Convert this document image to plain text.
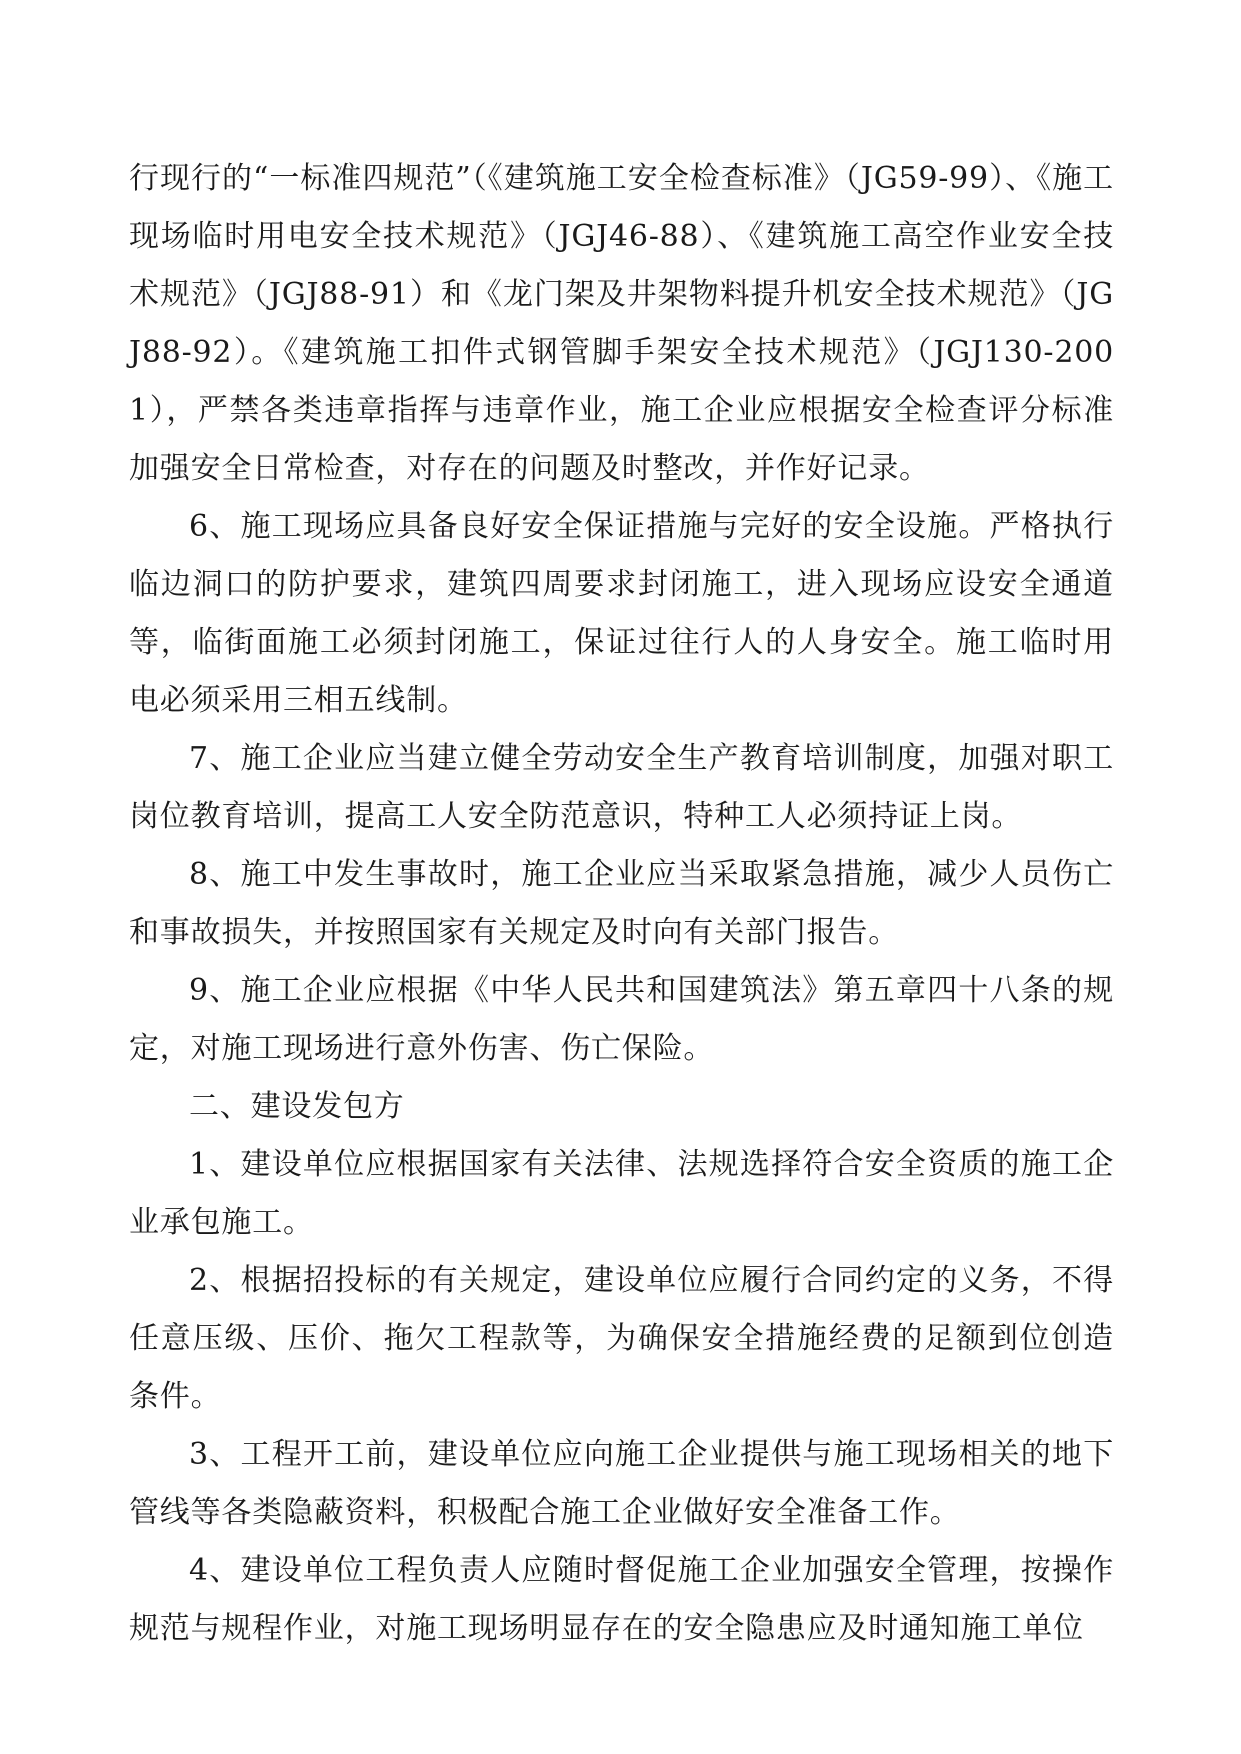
行现行的“一标准四规范”（《建筑施工安全检查标准》（JG59-99）、《施工现场临时用电安全技术规范》（JGJ46-88）、《建筑施工高空作业安全技术规范》（JGJ88-91）和《龙门架及井架物料提升机安全技术规范》（JGJ88-92）。《建筑施工扣件式钢管脚手架安全技术规范》（JGJ130-2001），严禁各类违章指挥与违章作业，施工企业应根据安全检查评分标准加强安全日常检查，对存在的问题及时整改，并作好记录。

6、施工现场应具备良好安全保证措施与完好的安全设施。严格执行临边洞口的防护要求，建筑四周要求封闭施工，进入现场应设安全通道等，临街面施工必须封闭施工，保证过往行人的人身安全。施工临时用电必须采用三相五线制。

7、施工企业应当建立健全劳动安全生产教育培训制度，加强对职工岗位教育培训，提高工人安全防范意识，特种工人必须持证上岗。

8、施工中发生事故时，施工企业应当采取紧急措施，减少人员伤亡和事故损失，并按照国家有关规定及时向有关部门报告。

9、施工企业应根据《中华人民共和国建筑法》第五章四十八条的规定，对施工现场进行意外伤害、伤亡保险。

二、建设发包方

1、建设单位应根据国家有关法律、法规选择符合安全资质的施工企业承包施工。

2、根据招投标的有关规定，建设单位应履行合同约定的义务，不得任意压级、压价、拖欠工程款等，为确保安全措施经费的足额到位创造条件。

3、工程开工前，建设单位应向施工企业提供与施工现场相关的地下管线等各类隐蔽资料，积极配合施工企业做好安全准备工作。

4、建设单位工程负责人应随时督促施工企业加强安全管理，按操作规范与规程作业，对施工现场明显存在的安全隐患应及时通知施工单位
